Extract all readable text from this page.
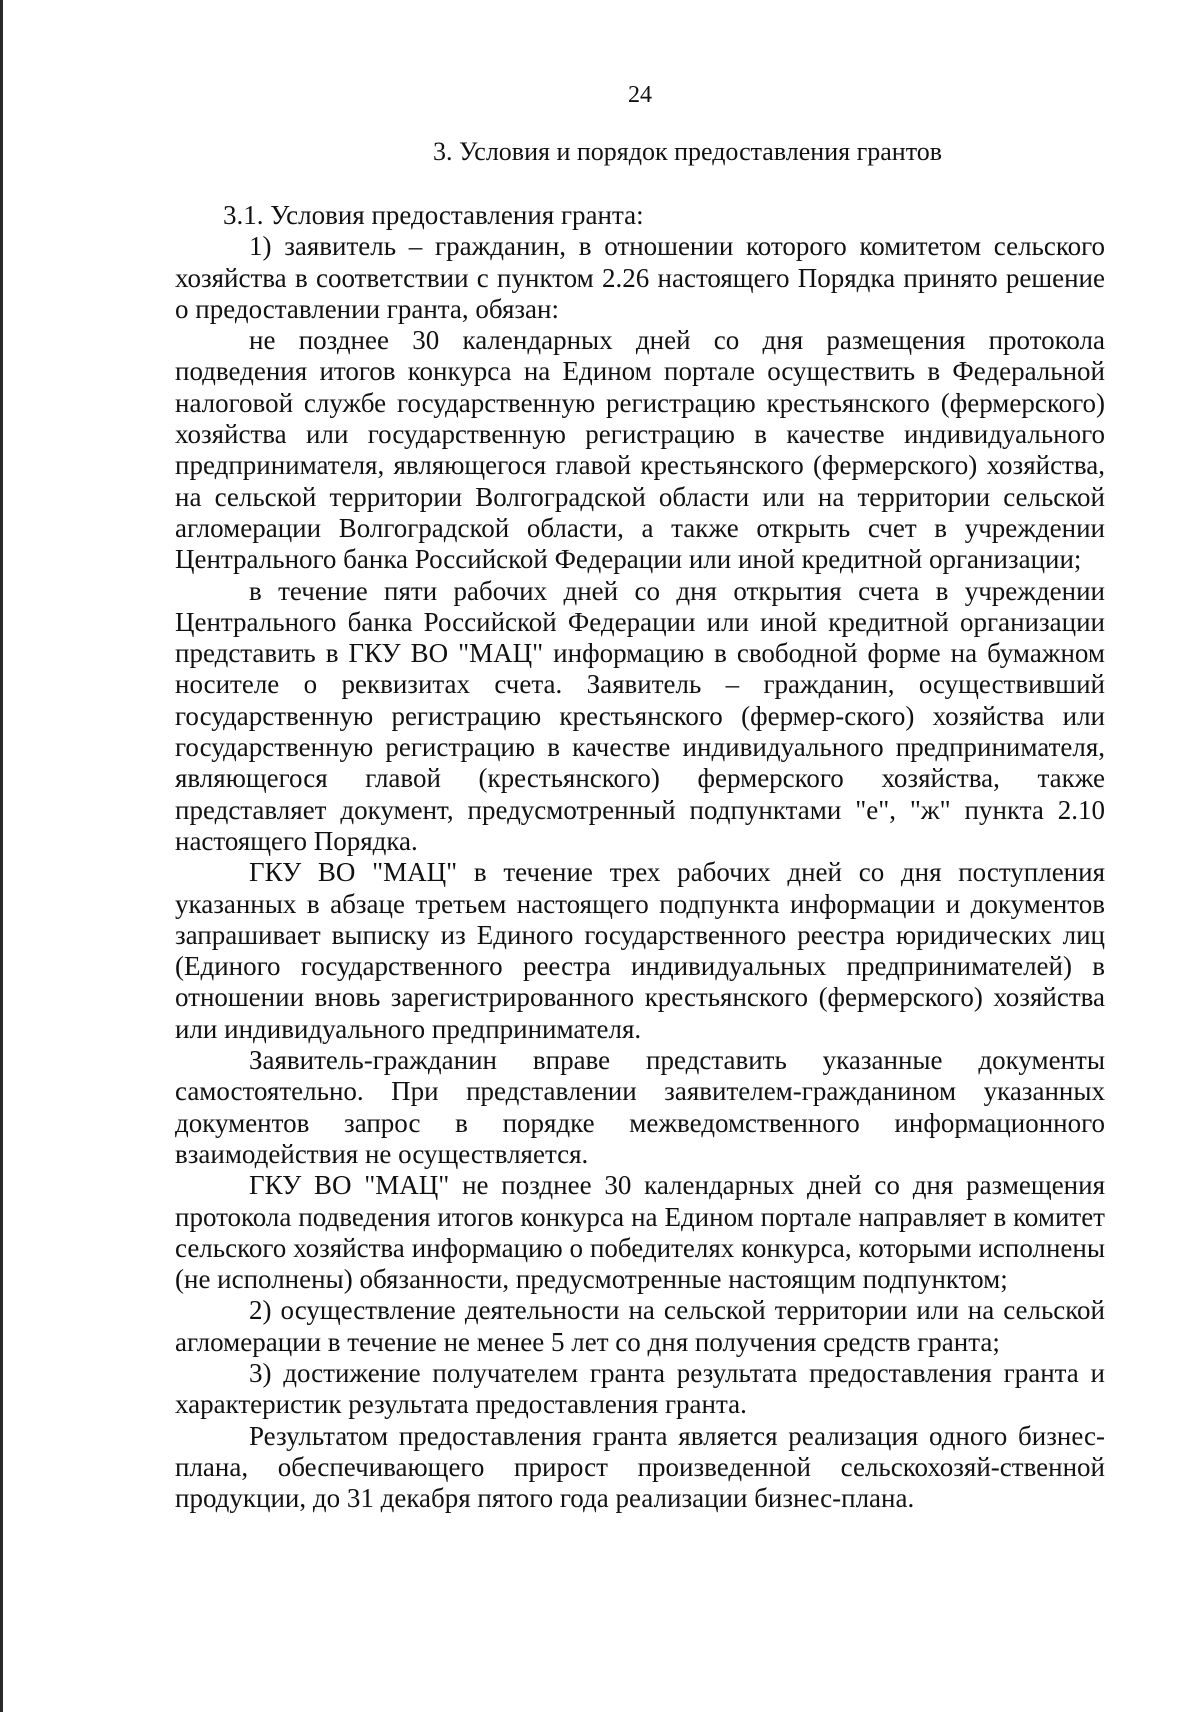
24
3. Условия и порядок предоставления грантов

3.1. Условия предоставления гранта:

1) заявитель – гражданин, в отношении которого комитетом сельского хозяйства в соответствии с пунктом 2.26 настоящего Порядка принято решение о предоставлении гранта, обязан:

не позднее 30 календарных дней со дня размещения протокола подведения итогов конкурса на Едином портале осуществить в Федеральной налоговой службе государственную регистрацию крестьянского (фермерского) хозяйства или государственную регистрацию в качестве индивидуального предпринимателя, являющегося главой крестьянского (фермерского) хозяйства, на сельской территории Волгоградской области или на территории сельской агломерации Волгоградской области, а также открыть счет в учреждении Центрального банка Российской Федерации или иной кредитной организации;

в течение пяти рабочих дней со дня открытия счета в учреждении Центрального банка Российской Федерации или иной кредитной организации представить в ГКУ ВО "МАЦ" информацию в свободной форме на бумажном носителе о реквизитах счета. Заявитель – гражданин, осуществивший государственную регистрацию крестьянского (фермер-ского) хозяйства или государственную регистрацию в качестве индивидуального предпринимателя, являющегося главой (крестьянского) фермерского хозяйства, также представляет документ, предусмотренный подпунктами "е", "ж" пункта 2.10 настоящего Порядка.

ГКУ ВО "МАЦ" в течение трех рабочих дней со дня поступления указанных в абзаце третьем настоящего подпункта информации и документов запрашивает выписку из Единого государственного реестра юридических лиц (Единого государственного реестра индивидуальных предпринимателей) в отношении вновь зарегистрированного крестьянского (фермерского) хозяйства или индивидуального предпринимателя.

Заявитель-гражданин вправе представить указанные документы самостоятельно. При представлении заявителем-гражданином указанных документов запрос в порядке межведомственного информационного взаимодействия не осуществляется.

ГКУ ВО "МАЦ" не позднее 30 календарных дней со дня размещения протокола подведения итогов конкурса на Едином портале направляет в комитет сельского хозяйства информацию о победителях конкурса, которыми исполнены (не исполнены) обязанности, предусмотренные настоящим подпунктом;

2) осуществление деятельности на сельской территории или на сельской агломерации в течение не менее 5 лет со дня получения средств гранта;

3) достижение получателем гранта результата предоставления гранта и характеристик результата предоставления гранта.

Результатом предоставления гранта является реализация одного бизнес-плана, обеспечивающего прирост произведенной сельскохозяй-ственной продукции, до 31 декабря пятого года реализации бизнес-плана.
